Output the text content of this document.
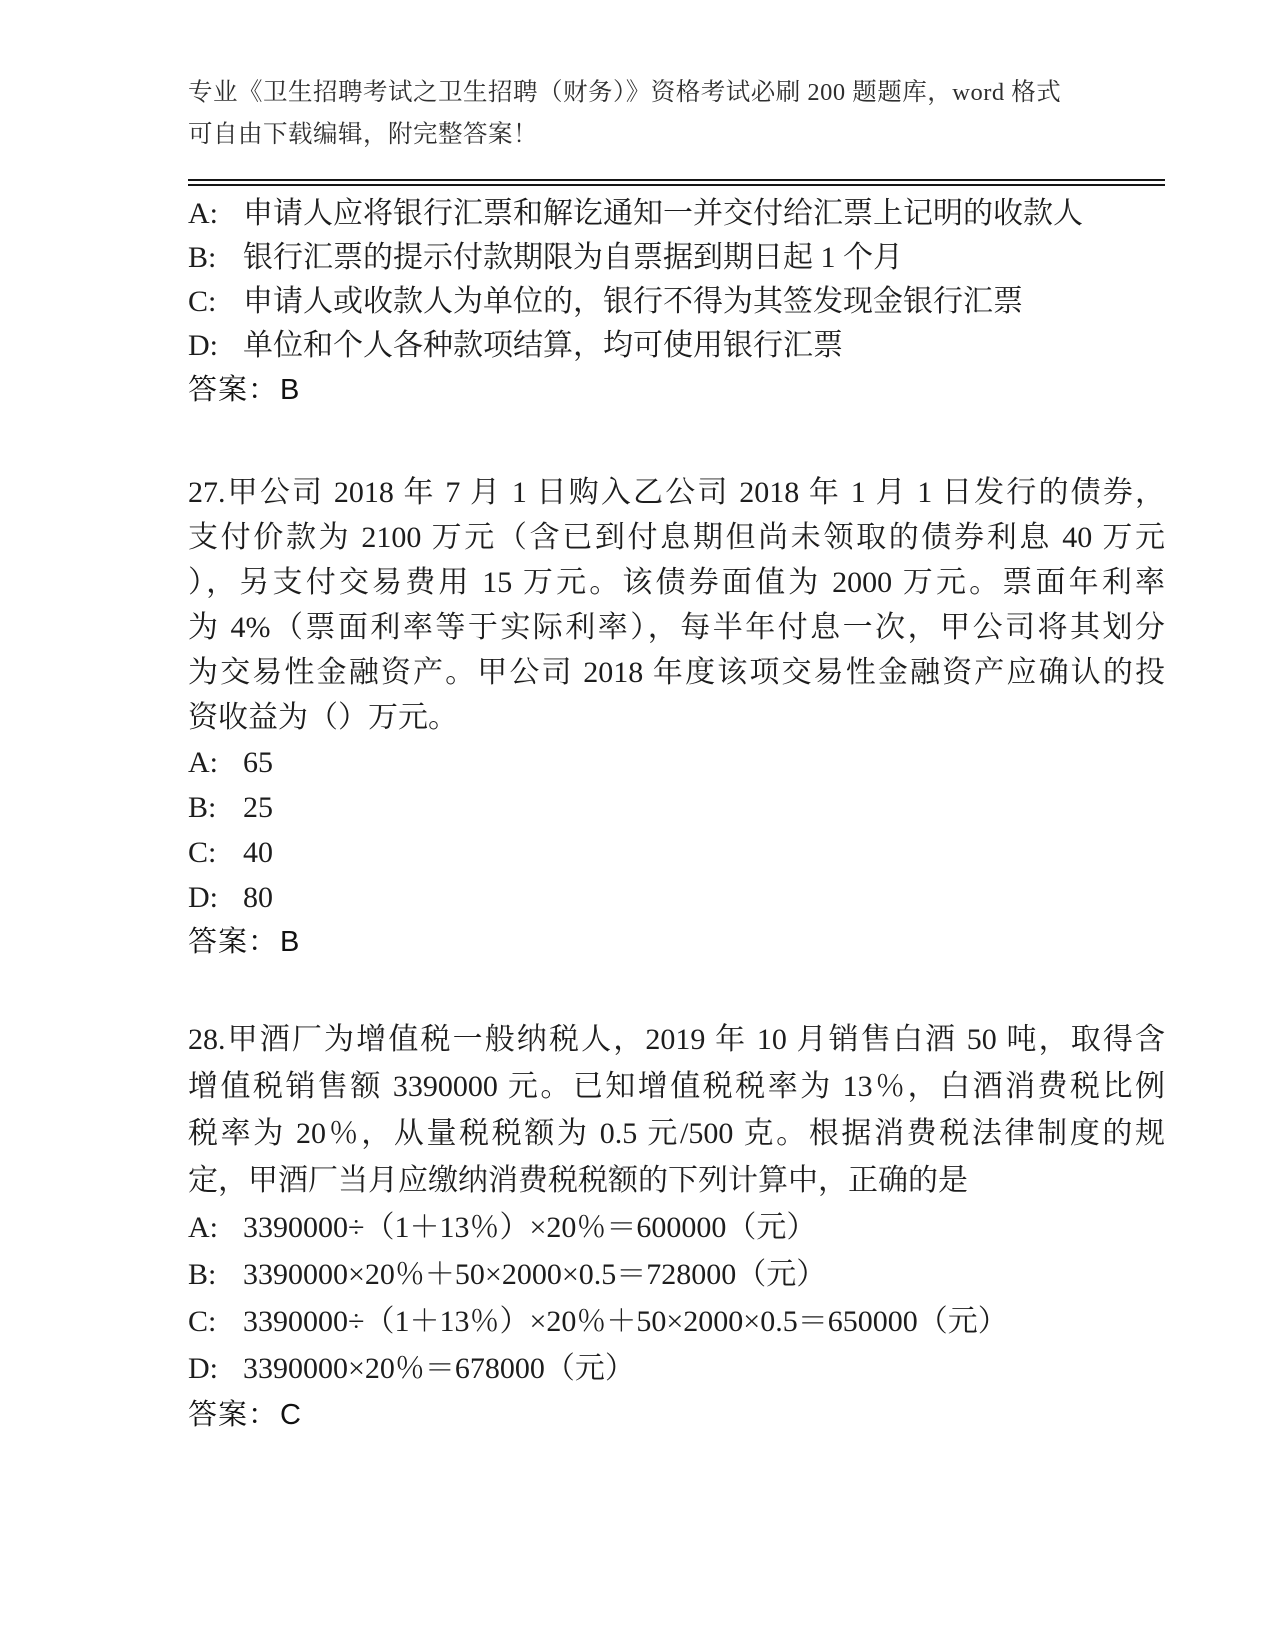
专业《卫生招聘考试之卫生招聘（财务）》资格考试必刷 200 题题库，word 格式
可自由下载编辑，附完整答案！
A: 申请人应将银行汇票和解讫通知一并交付给汇票上记明的收款人
B: 银行汇票的提示付款期限为自票据到期日起 1 个月
C: 申请人或收款人为单位的，银行不得为其签发现金银行汇票
D: 单位和个人各种款项结算，均可使用银行汇票
答案：B
27.甲公司 2018 年 7 月 1 日购入乙公司 2018 年 1 月 1 日发行的债券，
支付价款为 2100 万元（含已到付息期但尚未领取的债券利息 40 万元
），另支付交易费用 15 万元。该债券面值为 2000 万元。票面年利率
为 4%（票面利率等于实际利率），每半年付息一次，甲公司将其划分
为交易性金融资产。甲公司 2018 年度该项交易性金融资产应确认的投
资收益为（）万元。
A: 65
B: 25
C: 40
D: 80
答案：B
28.甲酒厂为增值税一般纳税人，2019 年 10 月销售白酒 50 吨，取得含
增值税销售额 3390000 元。已知增值税税率为 13％，白酒消费税比例
税率为 20％，从量税税额为 0.5 元/500 克。根据消费税法律制度的规
定，甲酒厂当月应缴纳消费税税额的下列计算中，正确的是
A: 3390000÷（1＋13％）×20％＝600000（元）
B: 3390000×20％＋50×2000×0.5＝728000（元）
C: 3390000÷（1＋13％）×20％＋50×2000×0.5＝650000（元）
D: 3390000×20％＝678000（元）
答案：C
